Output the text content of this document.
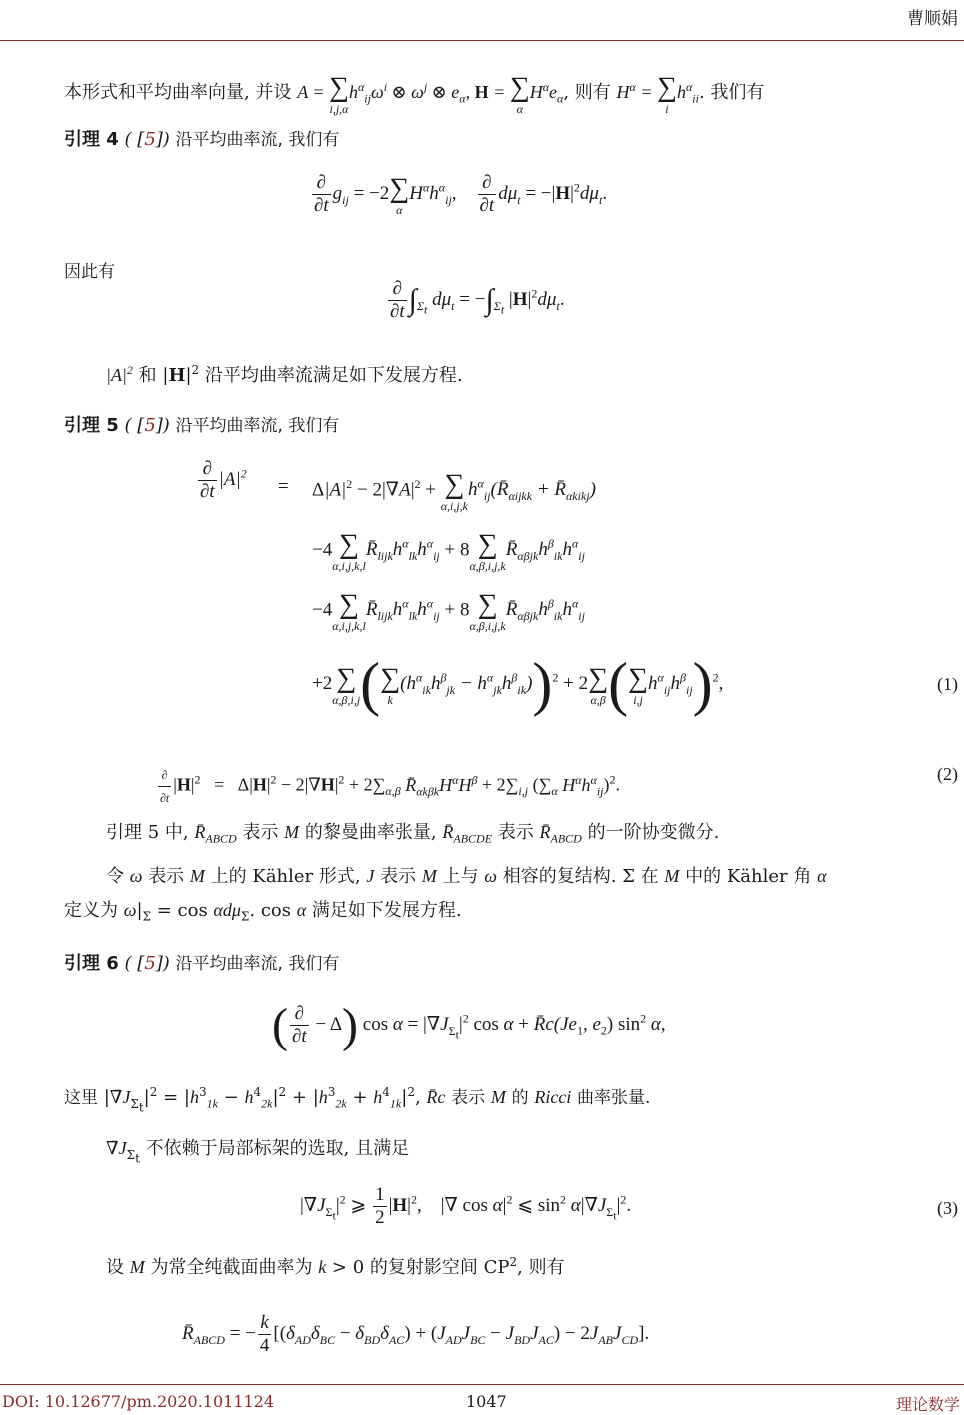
曹顺娟
本形式和平均曲率向量, 并设 A = ∑
i,j,α
$h^\alpha_{ij}\omega^i$ ⊗ $\omega^j$ ⊗ $e_\alpha$, H = ∑
α
$H^\alpha e_\alpha$, 则有 $H^\alpha$ = ∑
i
$h^\alpha_{ii}$. 我们有
引理 4 ( [5]) 沿平均曲率流, 我们有
$\frac{\partial}{\partial t} g_{ij} = -2$ ∑
α
$H^\alpha h^\alpha_{ij}$, $\frac{\partial}{\partial t} d\mu_t = -|H|^2d\mu_t$.
因此有
$\frac{\partial}{\partial t} \int_{\Sigma_t}$ $d\mu_t = -\int_{\Sigma_t}$ $|H|^2d\mu_t$.
$|A|^2$ 和 $|H|^2$ 沿平均曲率流满足如下发展方程.
引理 5 ( [5]) 沿平均曲率流, 我们有
$\frac{\partial}{\partial t} |A|^2$
= $\Delta|A|^2 - 2|\nabla A|^2$ + ∑
α,i,j,k
$h^\alpha_{ij}(R̄_{\alpha ijkk}$ + $R̄_{\alpha kikj}$)
−4 ∑
α,i,j,k,l
$R̄_{lijk}h^\alpha_{lk}h^\alpha_{ij} + 8$ ∑
α,β,i,j,k
$R̄_{\alpha\beta jk}h^\beta_{ik}h^\alpha_{ij}$
−4 ∑
α,i,j,k,l
$R̄_{lijk}h^\alpha_{lk}h^\alpha_{ij} + 8$ ∑
α,β,i,j,k
$R̄_{\alpha\beta jk}h^\beta_{ik}h^\alpha_{ij}$
+2 ∑
α,β,i,j ( ∑
k
$(h^\alpha_{ik}h^\beta_{jk} - h^\alpha_{jk}h^\beta_{ik}))^2 + 2$ ∑
α,β ( ∑
i,j
$h^\alpha_{ij}h^\beta_{ij})^2$,	(1)
$\frac{\partial}{\partial t} |H|^2 = \Delta|H|^2 - 2|\nabla H|^2 + 2\sum_{\alpha,\beta}$ $R̄_{\alpha k\beta k}H^\alpha H^\beta + 2\sum_{i,j}$ ($\sum_\alpha$ $H^\alpha h^\alpha_{ij})^2$.
(2)
引理 5 中, $R̄_{ABCD}$ 表示 M 的黎曼曲率张量, $R̄_{ABCDE}$ 表示 $R̄_{ABCD}$ 的一阶协变微分.
令 ω 表示 M 上的 Kähler 形式, J 表示 M 上与 ω 相容的复结构. Σ 在 M 中的 Kähler 角 α
定义为 $\omega|_\Sigma = \cos \alpha d\mu_\Sigma$. cos α 满足如下发展方程.
引理 6 ( [5]) 沿平均曲率流, 我们有
( $\frac{\partial}{\partial t} - \Delta$) $\cos \alpha = |\nablāJ_{\Sigma_t}|^2$ $\cos \alpha + R̄c(Je_1$, $e_2$) $\sin^2 \alpha$,
这里 $|\nablāJ_{\Sigma_t}|^2 = |h^3_{1k} - h^4_{2k}|^2 + |h^3_{2k} + h^4_{1k}|^2$, R̄c 表示 M 的 Ricci 曲率张量.
$\nablāJ_{\Sigma_t}$ 不依赖于局部标架的选取, 且满足
$|\nablāJ_{\Sigma_t}|^2$ ⩾ $\frac{1}{2} |H|^2$,    |∇ $\cos \alpha|^2$ ⩽ $\sin^2$ $\alpha|\nablāJ_{\Sigma_t}|^2$.	(3)
设 M 为常全纯截面曲率为 k > 0 的复射影空间 $CP^2$, 则有
$R̄_{ABCD}$ = − $\frac{k}{4} [(\delta_{AD}\delta_{BC} - \delta_{BD}\delta_{AC}) + (J_{AD}J_{BC} - J_{BD}J_{AC}) - 2J_{AB}J_{CD}]$.
DOI: 10.12677/pm.2020.1011124	1047	理论数学
